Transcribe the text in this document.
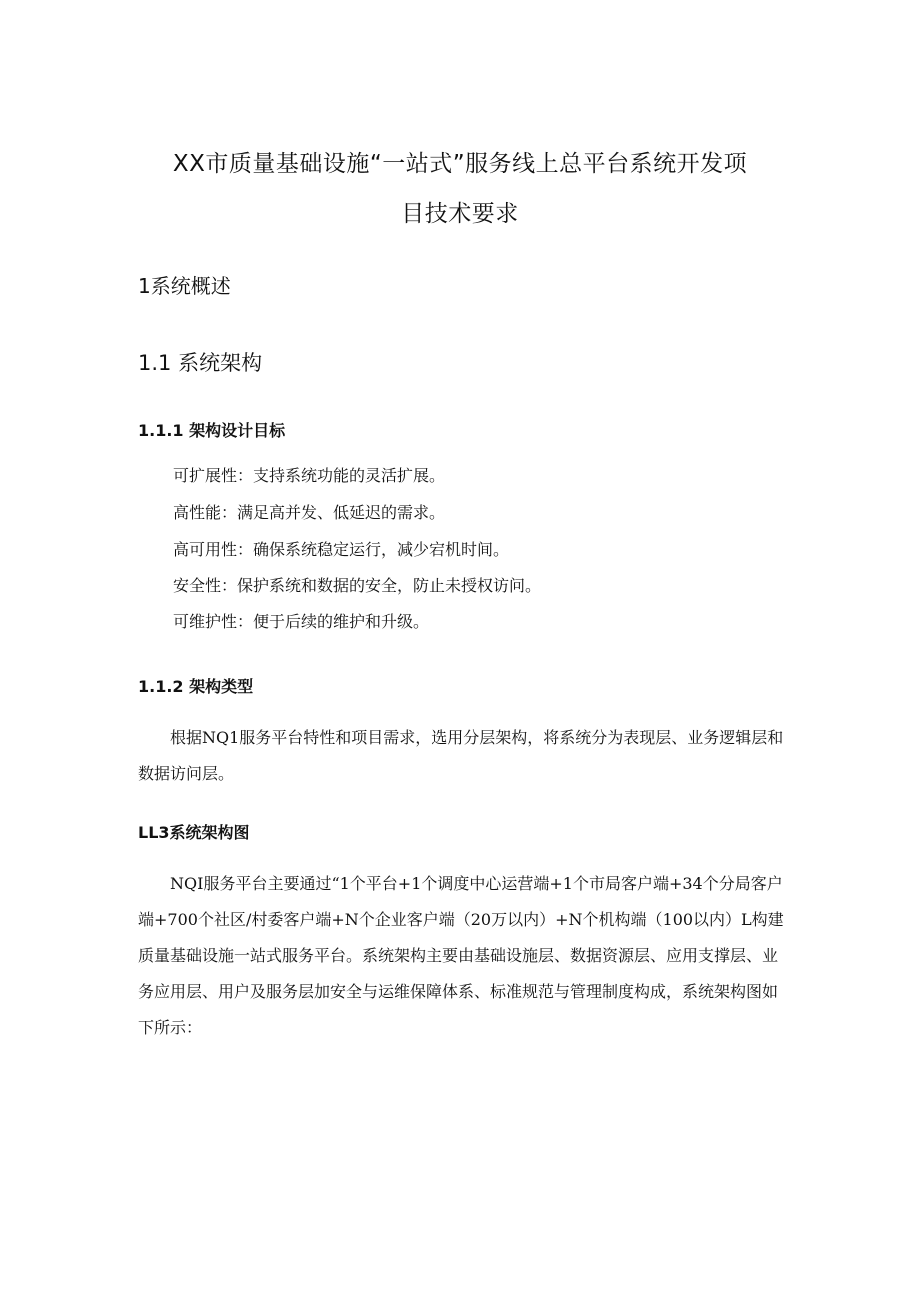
XX市质量基础设施“一站式”服务线上总平台系统开发项
目技术要求
1系统概述
1.1 系统架构
1.1.1 架构设计目标
可扩展性：支持系统功能的灵活扩展。
高性能：满足高并发、低延迟的需求。
高可用性：确保系统稳定运行，减少宕机时间。
安全性：保护系统和数据的安全，防止未授权访问。
可维护性：便于后续的维护和升级。
1.1.2 架构类型
根据NQ1服务平台特性和项目需求，选用分层架构，将系统分为表现层、业务逻辑层和数据访问层。
LL3系统架构图
NQI服务平台主要通过“1个平台+1个调度中心运营端+1个市局客户端+34个分局客户端+700个社区/村委客户端+N个企业客户端（20万以内）+N个机构端（100以内）L构建质量基础设施一站式服务平台。系统架构主要由基础设施层、数据资源层、应用支撑层、业务应用层、用户及服务层加安全与运维保障体系、标准规范与管理制度构成，系统架构图如下所示：
